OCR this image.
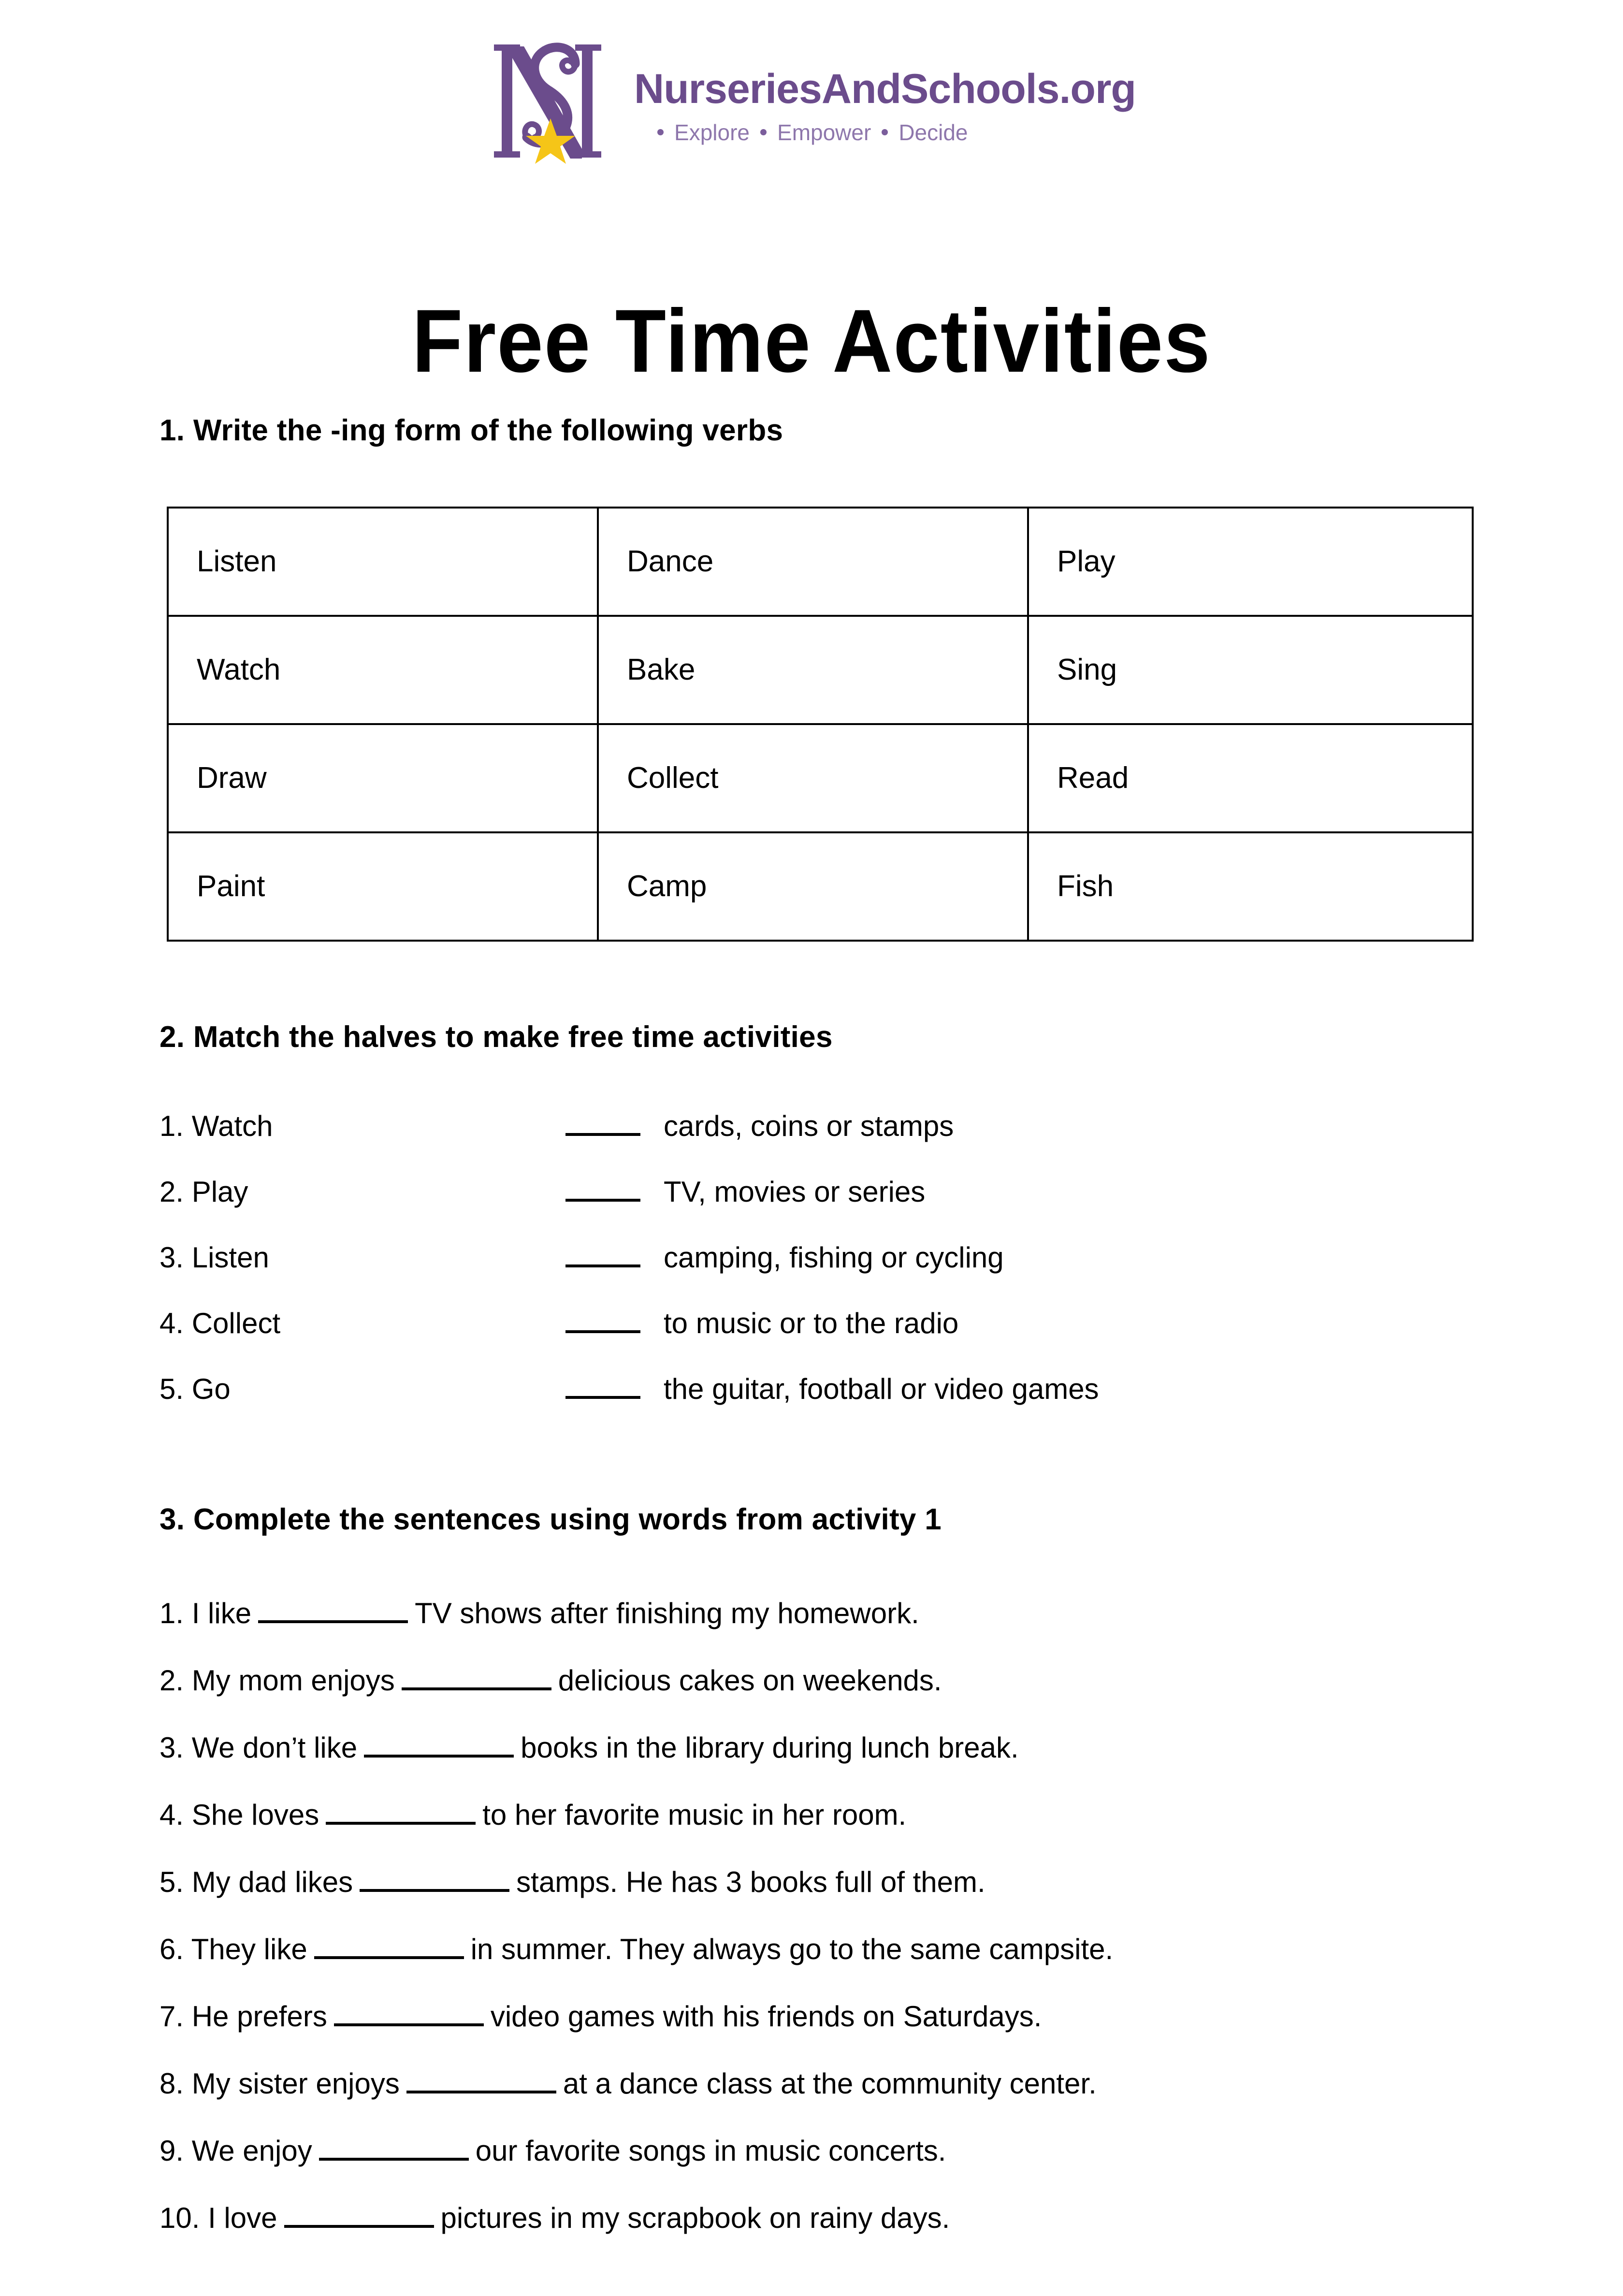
NurseriesAndSchools.org
Explore Empower Decide
Free Time Activities
1. Write the -ing form of the following verbs
Listen	Dance	Play
Watch	Bake	Sing
Draw	Collect	Read
Paint	Camp	Fish
2. Match the halves to make free time activities
1. Watch	cards, coins or stamps
2. Play	TV, movies or series
3. Listen	camping, fishing or cycling
4. Collect	to music or to the radio
5. Go	the guitar, football or video games
3. Complete the sentences using words from activity 1
1. I like	TV shows after finishing my homework.
2. My mom enjoys	delicious cakes on weekends.
3. We don’t like	books in the library during lunch break.
4. She loves	to her favorite music in her room.
5. My dad likes	stamps. He has 3 books full of them.
6. They like	in summer. They always go to the same campsite.
7. He prefers	video games with his friends on Saturdays.
8. My sister enjoys	at a dance class at the community center.
9. We enjoy	our favorite songs in music concerts.
10. I love	pictures in my scrapbook on rainy days.
